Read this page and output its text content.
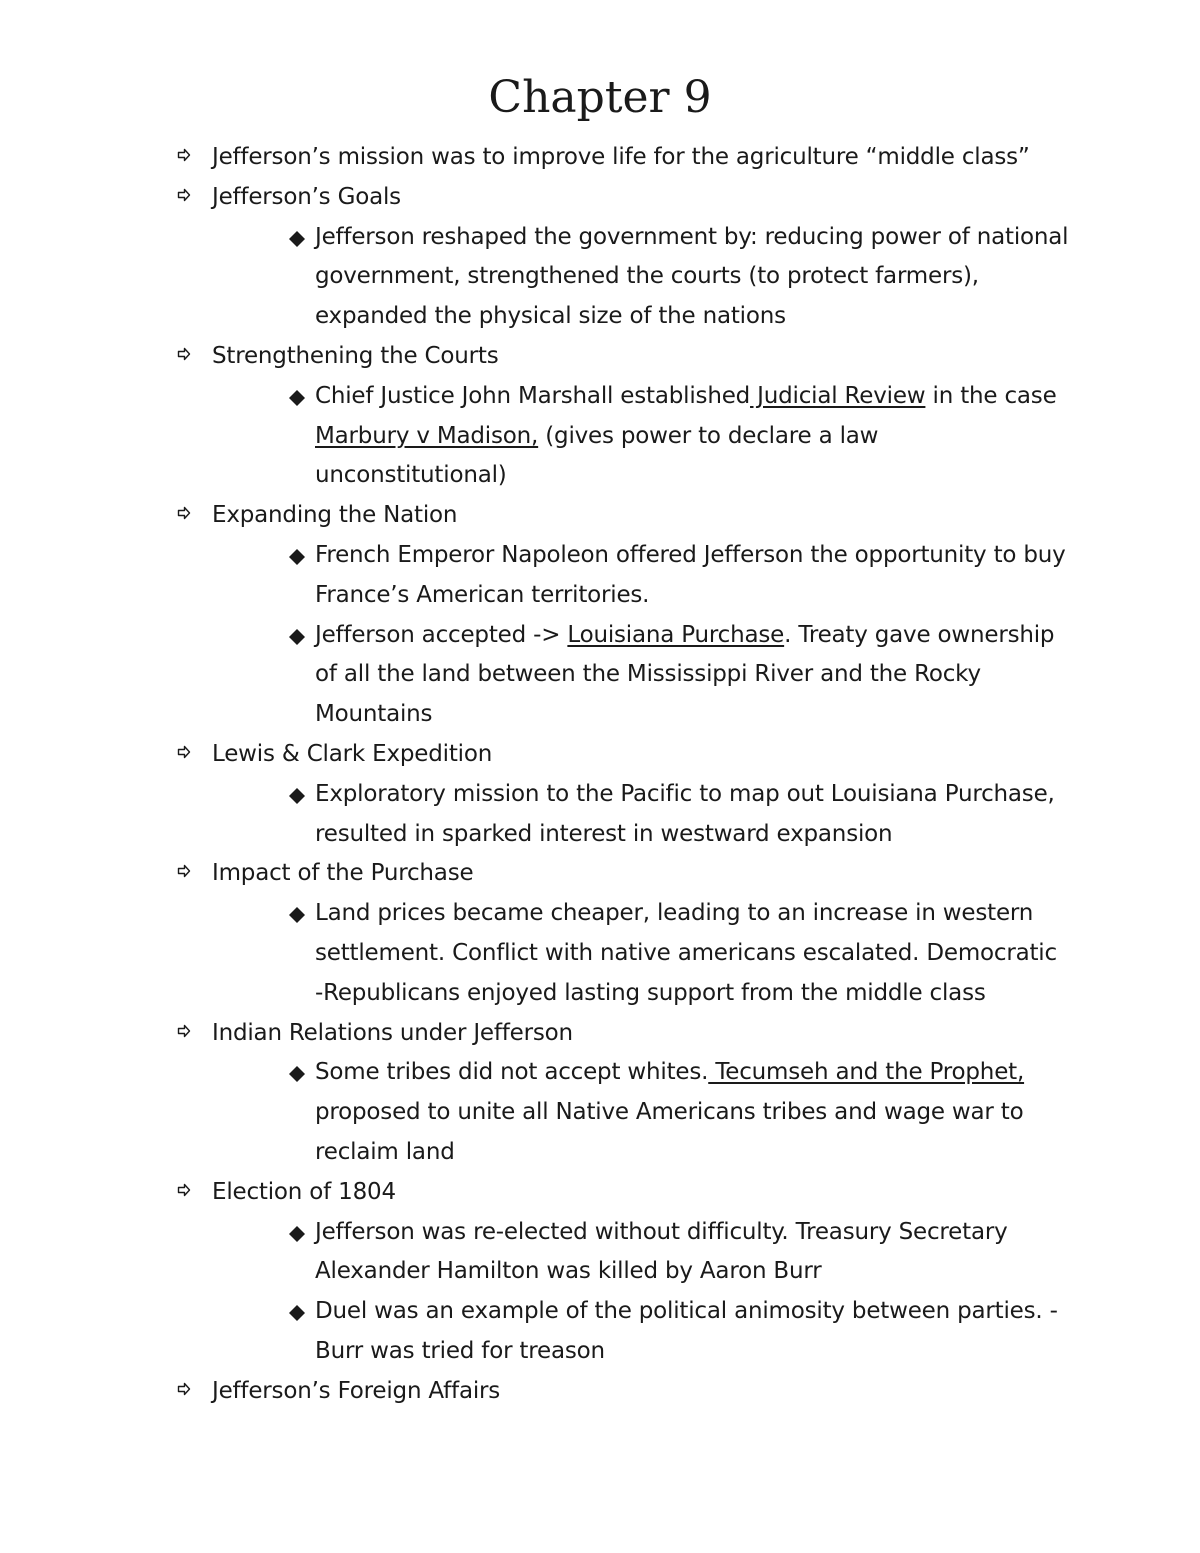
Chapter 9
Jefferson’s mission was to improve life for the agriculture “middle class”
Jefferson’s Goals
Jefferson reshaped the government by: reducing power of national government, strengthened the courts (to protect farmers), expanded the physical size of the nations
Strengthening the Courts
Chief Justice John Marshall established Judicial Review in the case Marbury v Madison, (gives power to declare a law unconstitutional)
Expanding the Nation
French Emperor Napoleon offered Jefferson the opportunity to buy France’s American territories.
Jefferson accepted -> Louisiana Purchase. Treaty gave ownership of all the land between the Mississippi River and the Rocky Mountains
Lewis & Clark Expedition
Exploratory mission to the Pacific to map out Louisiana Purchase, resulted in sparked interest in westward expansion
Impact of the Purchase
Land prices became cheaper, leading to an increase in western settlement. Conflict with native americans escalated. Democratic -Republicans enjoyed lasting support from the middle class
Indian Relations under Jefferson
Some tribes did not accept whites. Tecumseh and the Prophet, proposed to unite all Native Americans tribes and wage war to reclaim land
Election of 1804
Jefferson was re-elected without difficulty. Treasury Secretary Alexander Hamilton was killed by Aaron Burr
Duel was an example of the political animosity between parties. -Burr was tried for treason
Jefferson’s Foreign Affairs
